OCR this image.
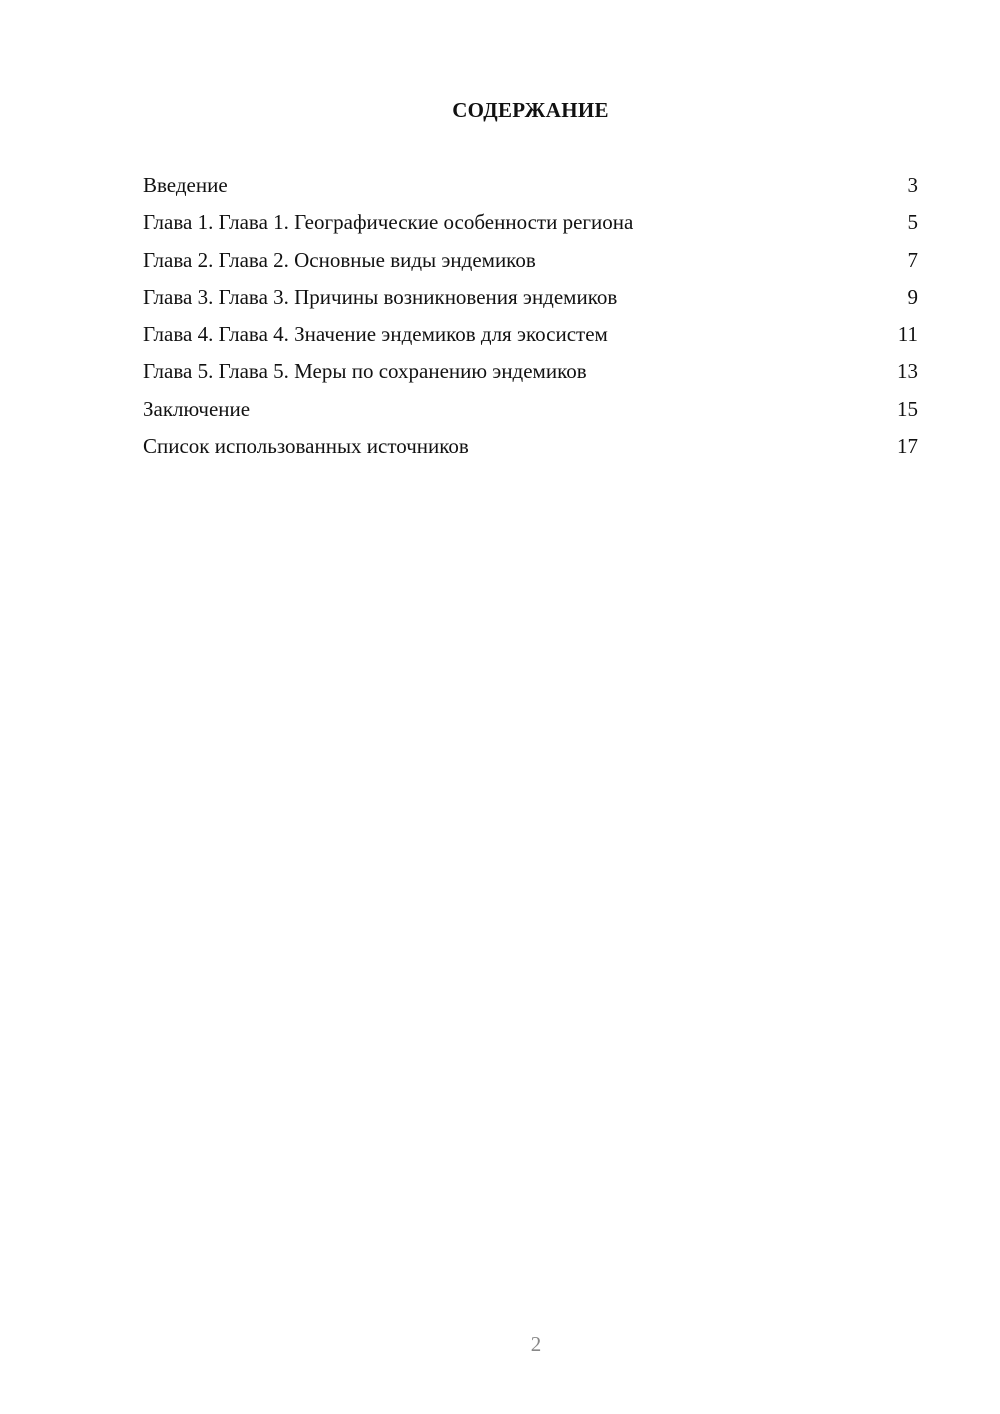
СОДЕРЖАНИЕ
Введение	3
Глава 1. Глава 1. Географические особенности региона	5
Глава 2. Глава 2. Основные виды эндемиков	7
Глава 3. Глава 3. Причины возникновения эндемиков	9
Глава 4. Глава 4. Значение эндемиков для экосистем	11
Глава 5. Глава 5. Меры по сохранению эндемиков	13
Заключение	15
Список использованных источников	17
2
